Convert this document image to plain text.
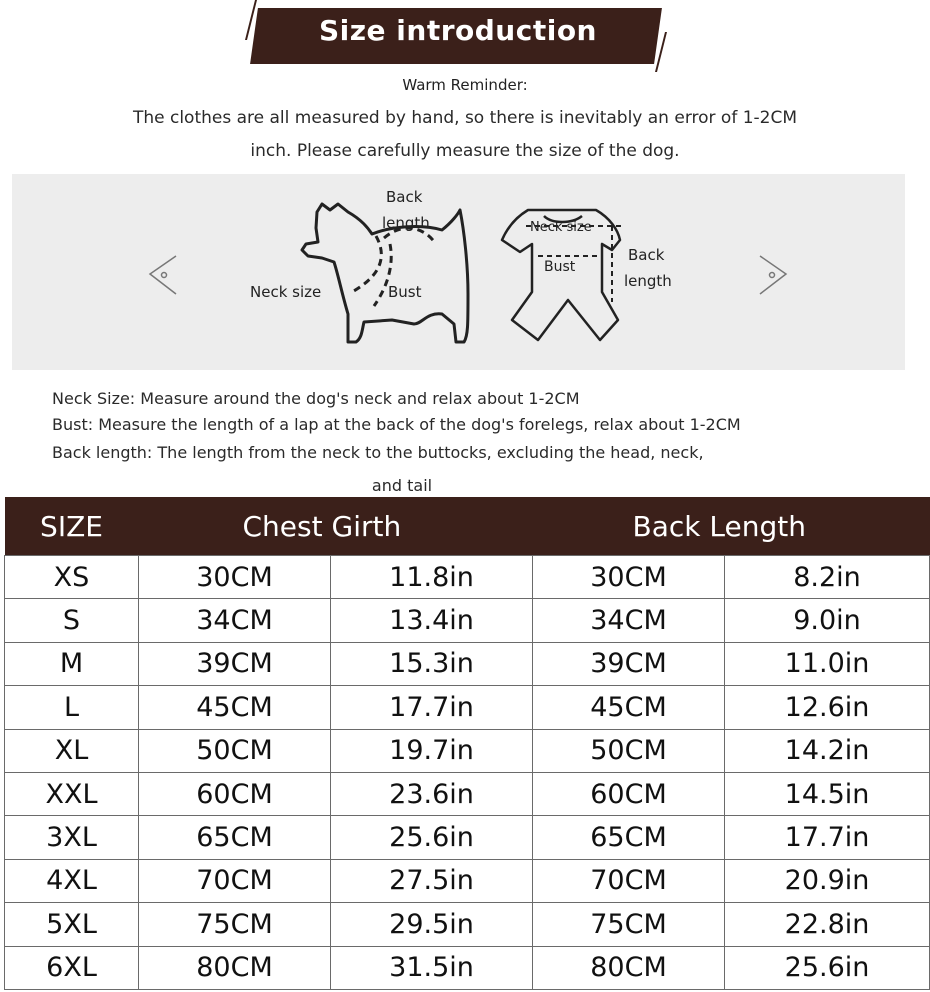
Size introduction
Warm Reminder:
The clothes are all measured by hand, so there is inevitably an error of 1-2CM
inch. Please carefully measure the size of the dog.
Back
length
Neck size	Bust
Neck size
Bust
Back
length
Neck Size: Measure around the dog's neck and relax about 1-2CM
Bust: Measure the length of a lap at the back of the dog's forelegs, relax about 1-2CM
Back length: The length from the neck to the buttocks, excluding the head, neck,
and tail
SIZE	Chest Girth		Back Length	
XS	30CM	11.8in	30CM	8.2in
S	34CM	13.4in	34CM	9.0in
M	39CM	15.3in	39CM	11.0in
L	45CM	17.7in	45CM	12.6in
XL	50CM	19.7in	50CM	14.2in
XXL	60CM	23.6in	60CM	14.5in
3XL	65CM	25.6in	65CM	17.7in
4XL	70CM	27.5in	70CM	20.9in
5XL	75CM	29.5in	75CM	22.8in
6XL	80CM	31.5in	80CM	25.6in
